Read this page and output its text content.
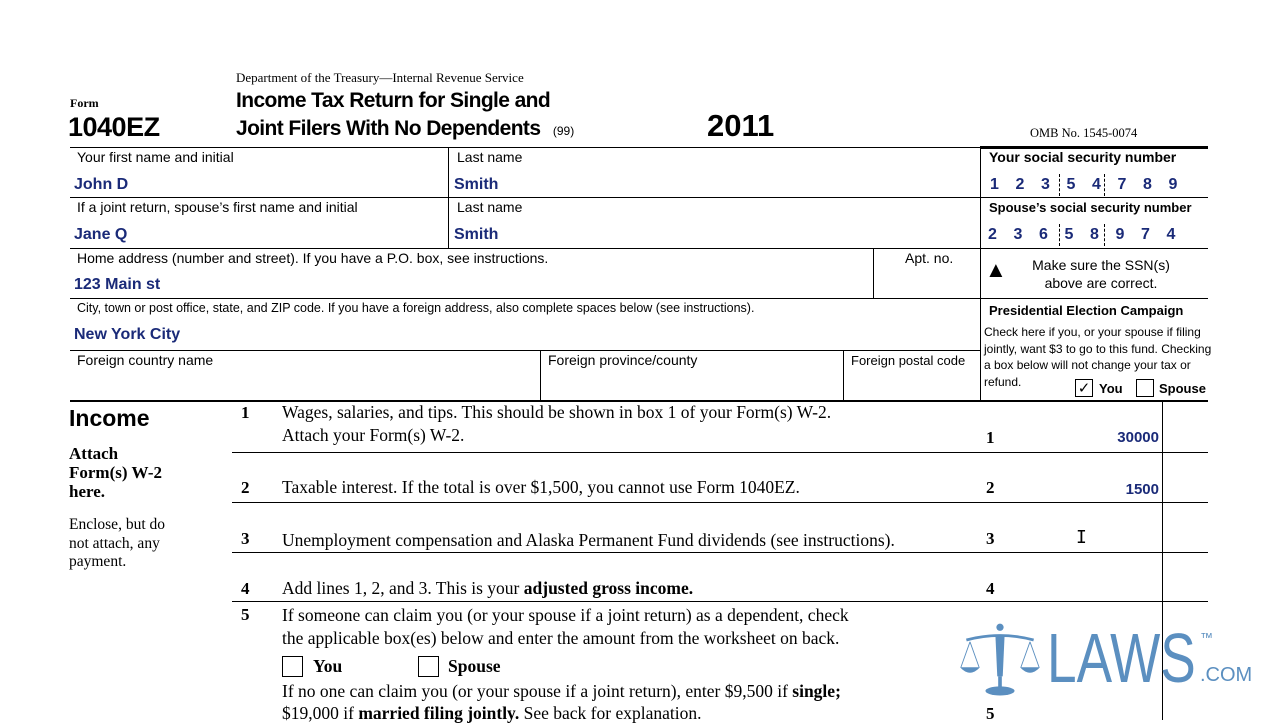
Department of the Treasury—Internal Revenue Service
Form
1040EZ
Income Tax Return for Single and
Joint Filers With No Dependents (99)	2011	OMB No. 1545-0074
Your first name and initial
John D
Last name
Smith
Your social security number
1 2 3 5 4 7 8 9
If a joint return, spouse’s first name and initial
Jane Q
Last name
Smith
Spouse’s social security number
2 3 6 5 8 9 7 4
Home address (number and street). If you have a P.O. box, see instructions.
123 Main st
Apt. no. ▲	Make sure the SSN(s) above are correct.
City, town or post office, state, and ZIP code. If you have a foreign address, also complete spaces below (see instructions).
New York City
Foreign country name	Foreign province/county	Foreign postal code
Presidential Election Campaign
Check here if you, or your spouse if filing
jointly, want $3 to go to this fund. Checking
a box below will not change your tax or
refund.	✓ You	Spouse
Income
Attach
Form(s) W-2
here.
Enclose, but do
not attach, any
payment.
1 Wages, salaries, and tips. This should be shown in box 1 of your Form(s) W-2.
Attach your Form(s) W-2.	1	30000
2 Taxable interest. If the total is over $1,500, you cannot use Form 1040EZ.	2	1500
3 Unemployment compensation and Alaska Permanent Fund dividends (see instructions).	3	I
4 Add lines 1, 2, and 3. This is your adjusted gross income.	4
5 If someone can claim you (or your spouse if a joint return) as a dependent, check
the applicable box(es) below and enter the amount from the worksheet on back.
You	Spouse
If no one can claim you (or your spouse if a joint return), enter $9,500 if single;
$19,000 if married filing jointly. See back for explanation.	5
LAWS ™
.COM
